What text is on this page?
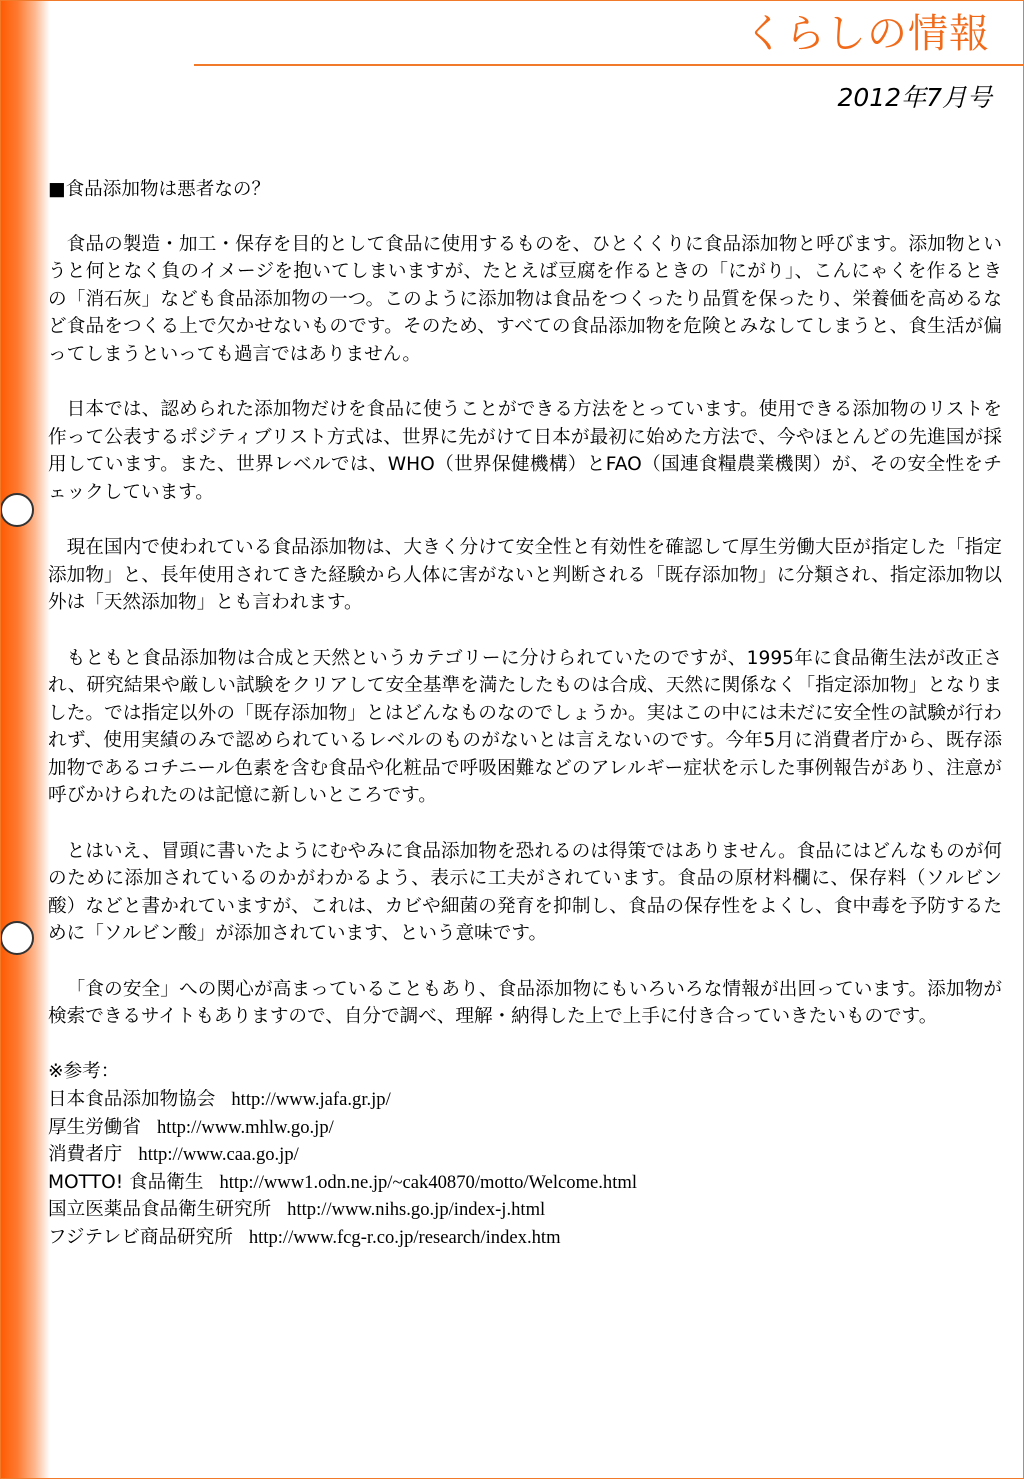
くらしの情報
2012年7月号
■食品添加物は悪者なの？

食品の製造・加工・保存を目的として食品に使用するものを、ひとくくりに食品添加物と呼びます。添加物というと何となく負のイメージを抱いてしまいますが、たとえば豆腐を作るときの「にがり」、こんにゃくを作るときの「消石灰」なども食品添加物の一つ。このように添加物は食品をつくったり品質を保ったり、栄養価を高めるなど食品をつくる上で欠かせないものです。そのため、すべての食品添加物を危険とみなしてしまうと、食生活が偏ってしまうといっても過言ではありません。

日本では、認められた添加物だけを食品に使うことができる方法をとっています。使用できる添加物のリストを作って公表するポジティブリスト方式は、世界に先がけて日本が最初に始めた方法で、今やほとんどの先進国が採用しています。また、世界レベルでは、WHO（世界保健機構）とFAO（国連食糧農業機関）が、その安全性をチェックしています。

現在国内で使われている食品添加物は、大きく分けて安全性と有効性を確認して厚生労働大臣が指定した「指定添加物」と、長年使用されてきた経験から人体に害がないと判断される「既存添加物」に分類され、指定添加物以外は「天然添加物」とも言われます。

もともと食品添加物は合成と天然というカテゴリーに分けられていたのですが、1995年に食品衛生法が改正され、研究結果や厳しい試験をクリアして安全基準を満たしたものは合成、天然に関係なく「指定添加物」となりました。では指定以外の「既存添加物」とはどんなものなのでしょうか。実はこの中には未だに安全性の試験が行われず、使用実績のみで認められているレベルのものがないとは言えないのです。今年5月に消費者庁から、既存添加物であるコチニール色素を含む食品や化粧品で呼吸困難などのアレルギー症状を示した事例報告があり、注意が呼びかけられたのは記憶に新しいところです。

とはいえ、冒頭に書いたようにむやみに食品添加物を恐れるのは得策ではありません。食品にはどんなものが何のために添加されているのかがわかるよう、表示に工夫がされています。食品の原材料欄に、保存料（ソルビン酸）などと書かれていますが、これは、カビや細菌の発育を抑制し、食品の保存性をよくし、食中毒を予防するために「ソルビン酸」が添加されています、という意味です。

「食の安全」への関心が高まっていることもあり、食品添加物にもいろいろな情報が出回っています。添加物が検索できるサイトもありますので、自分で調べ、理解・納得した上で上手に付き合っていきたいものです。

※参考：
日本食品添加物協会 http://www.jafa.gr.jp/
厚生労働省 http://www.mhlw.go.jp/
消費者庁 http://www.caa.go.jp/
MOTTO! 食品衛生 http://www1.odn.ne.jp/~cak40870/motto/Welcome.html
国立医薬品食品衛生研究所 http://www.nihs.go.jp/index-j.html
フジテレビ商品研究所 http://www.fcg-r.co.jp/research/index.htm
